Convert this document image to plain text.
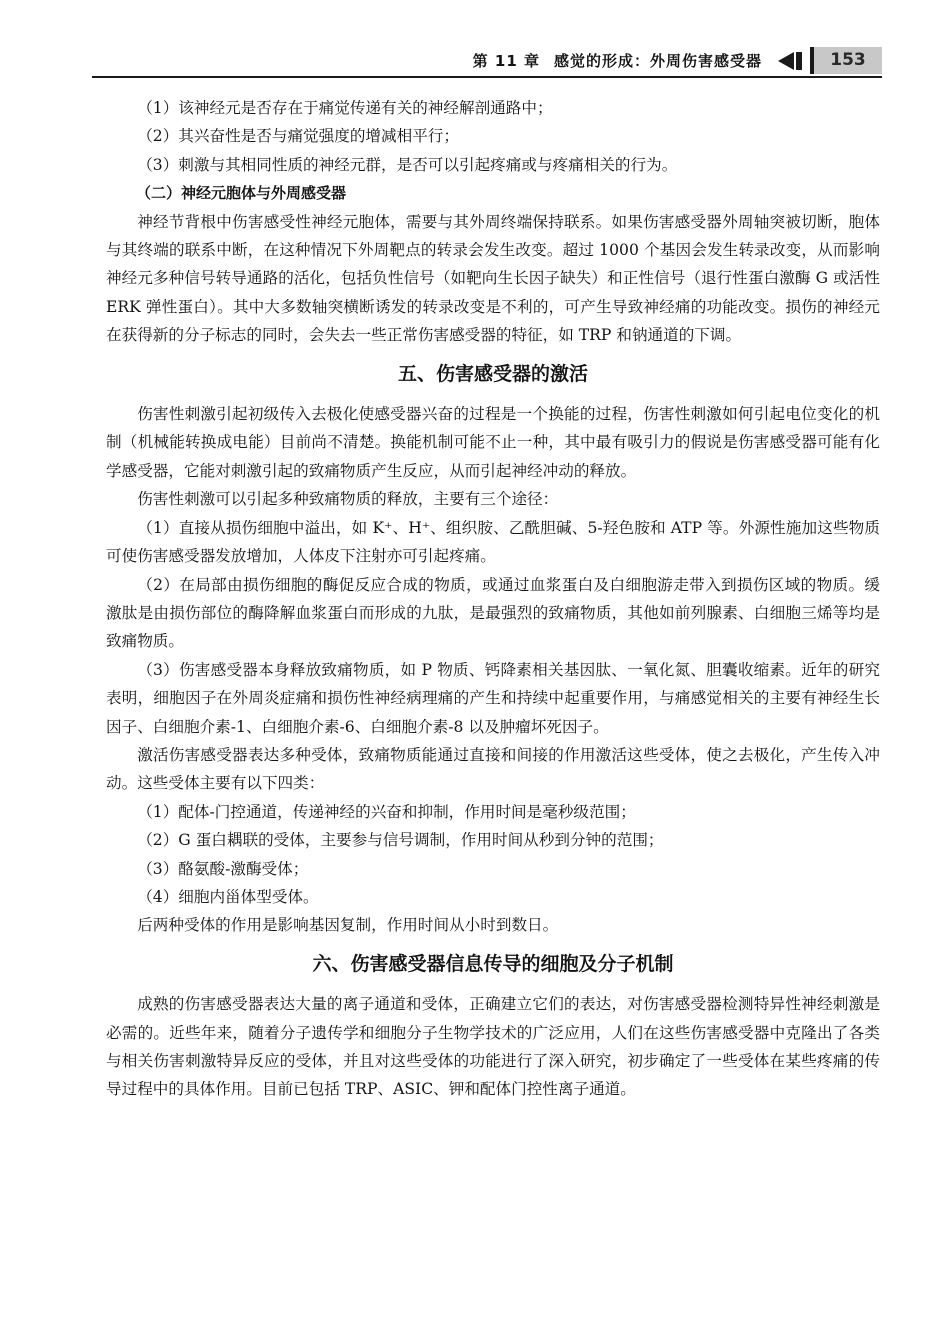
第 11 章 感觉的形成：外周伤害感受器	153

（1）该神经元是否存在于痛觉传递有关的神经解剖通路中；

（2）其兴奋性是否与痛觉强度的增减相平行；

（3）刺激与其相同性质的神经元群，是否可以引起疼痛或与疼痛相关的行为。

（二）神经元胞体与外周感受器

神经节背根中伤害感受性神经元胞体，需要与其外周终端保持联系。如果伤害感受器外周轴突被切断，胞体与其终端的联系中断，在这种情况下外周靶点的转录会发生改变。超过 1000 个基因会发生转录改变，从而影响神经元多种信号转导通路的活化，包括负性信号（如靶向生长因子缺失）和正性信号（退行性蛋白激酶 G 或活性 ERK 弹性蛋白）。其中大多数轴突横断诱发的转录改变是不利的，可产生导致神经痛的功能改变。损伤的神经元在获得新的分子标志的同时，会失去一些正常伤害感受器的特征，如 TRP 和钠通道的下调。

五、伤害感受器的激活

伤害性刺激引起初级传入去极化使感受器兴奋的过程是一个换能的过程，伤害性刺激如何引起电位变化的机制（机械能转换成电能）目前尚不清楚。换能机制可能不止一种，其中最有吸引力的假说是伤害感受器可能有化学感受器，它能对刺激引起的致痛物质产生反应，从而引起神经冲动的释放。

伤害性刺激可以引起多种致痛物质的释放，主要有三个途径：

（1）直接从损伤细胞中溢出，如 K⁺、H⁺、组织胺、乙酰胆碱、5-羟色胺和 ATP 等。外源性施加这些物质可使伤害感受器发放增加，人体皮下注射亦可引起疼痛。

（2）在局部由损伤细胞的酶促反应合成的物质，或通过血浆蛋白及白细胞游走带入到损伤区域的物质。缓激肽是由损伤部位的酶降解血浆蛋白而形成的九肽，是最强烈的致痛物质，其他如前列腺素、白细胞三烯等均是致痛物质。

（3）伤害感受器本身释放致痛物质，如 P 物质、钙降素相关基因肽、一氧化氮、胆囊收缩素。近年的研究表明，细胞因子在外周炎症痛和损伤性神经病理痛的产生和持续中起重要作用，与痛感觉相关的主要有神经生长因子、白细胞介素-1、白细胞介素-6、白细胞介素-8 以及肿瘤坏死因子。

激活伤害感受器表达多种受体，致痛物质能通过直接和间接的作用激活这些受体，使之去极化，产生传入冲动。这些受体主要有以下四类：

（1）配体-门控通道，传递神经的兴奋和抑制，作用时间是毫秒级范围；

（2）G 蛋白耦联的受体，主要参与信号调制，作用时间从秒到分钟的范围；

（3）酪氨酸-激酶受体；

（4）细胞内甾体型受体。

后两种受体的作用是影响基因复制，作用时间从小时到数日。

六、伤害感受器信息传导的细胞及分子机制

成熟的伤害感受器表达大量的离子通道和受体，正确建立它们的表达，对伤害感受器检测特异性神经刺激是必需的。近些年来，随着分子遗传学和细胞分子生物学技术的广泛应用，人们在这些伤害感受器中克隆出了各类与相关伤害刺激特异反应的受体，并且对这些受体的功能进行了深入研究，初步确定了一些受体在某些疼痛的传导过程中的具体作用。目前已包括 TRP、ASIC、钾和配体门控性离子通道。
